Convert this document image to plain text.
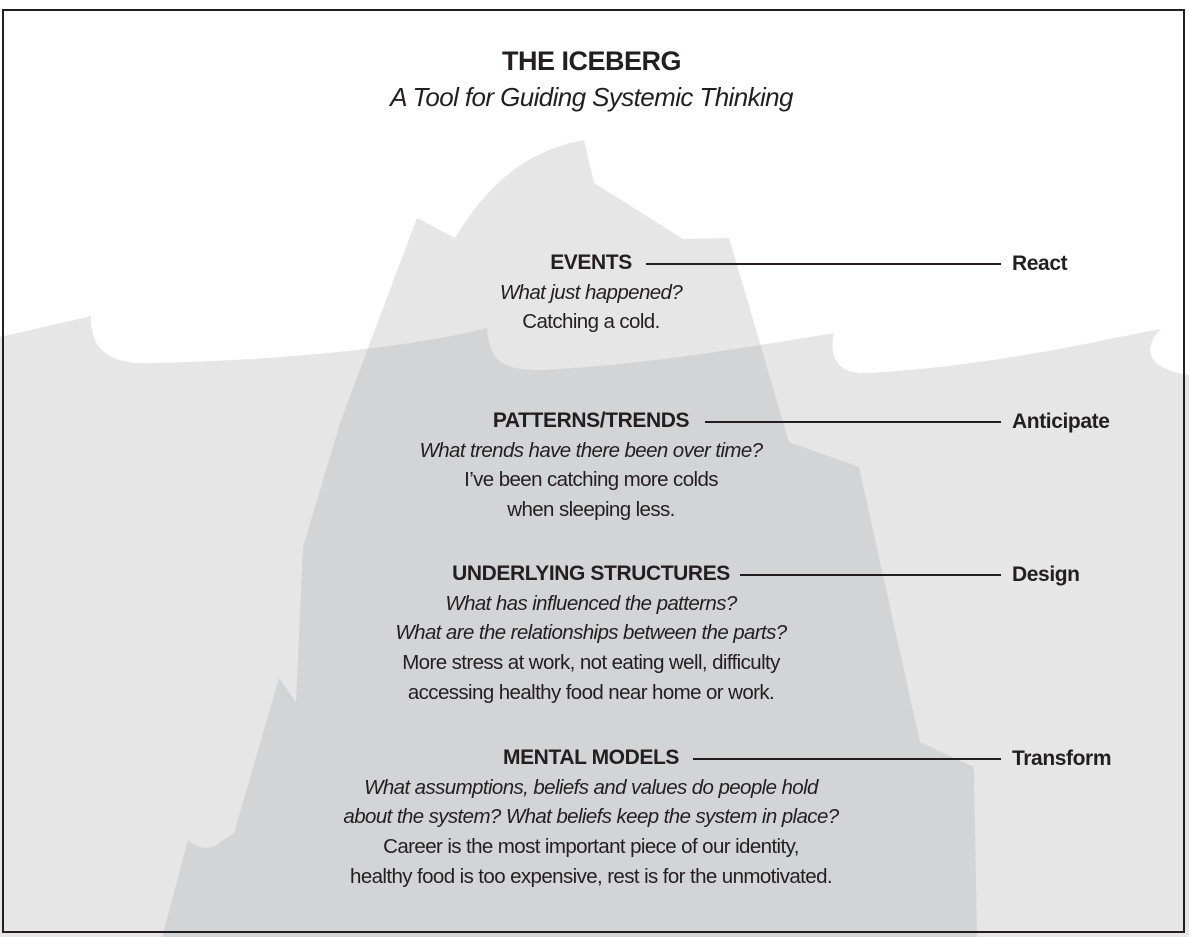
THE ICEBERG
A Tool for Guiding Systemic Thinking
EVENTS
What just happened?
Catching a cold.
React
PATTERNS/TRENDS
What trends have there been over time?
I’ve been catching more colds
when sleeping less.
Anticipate
UNDERLYING STRUCTURES
What has influenced the patterns?
What are the relationships between the parts?
More stress at work, not eating well, difficulty
accessing healthy food near home or work.
Design
MENTAL MODELS
What assumptions, beliefs and values do people hold
about the system? What beliefs keep the system in place?
Career is the most important piece of our identity,
healthy food is too expensive, rest is for the unmotivated.
Transform
